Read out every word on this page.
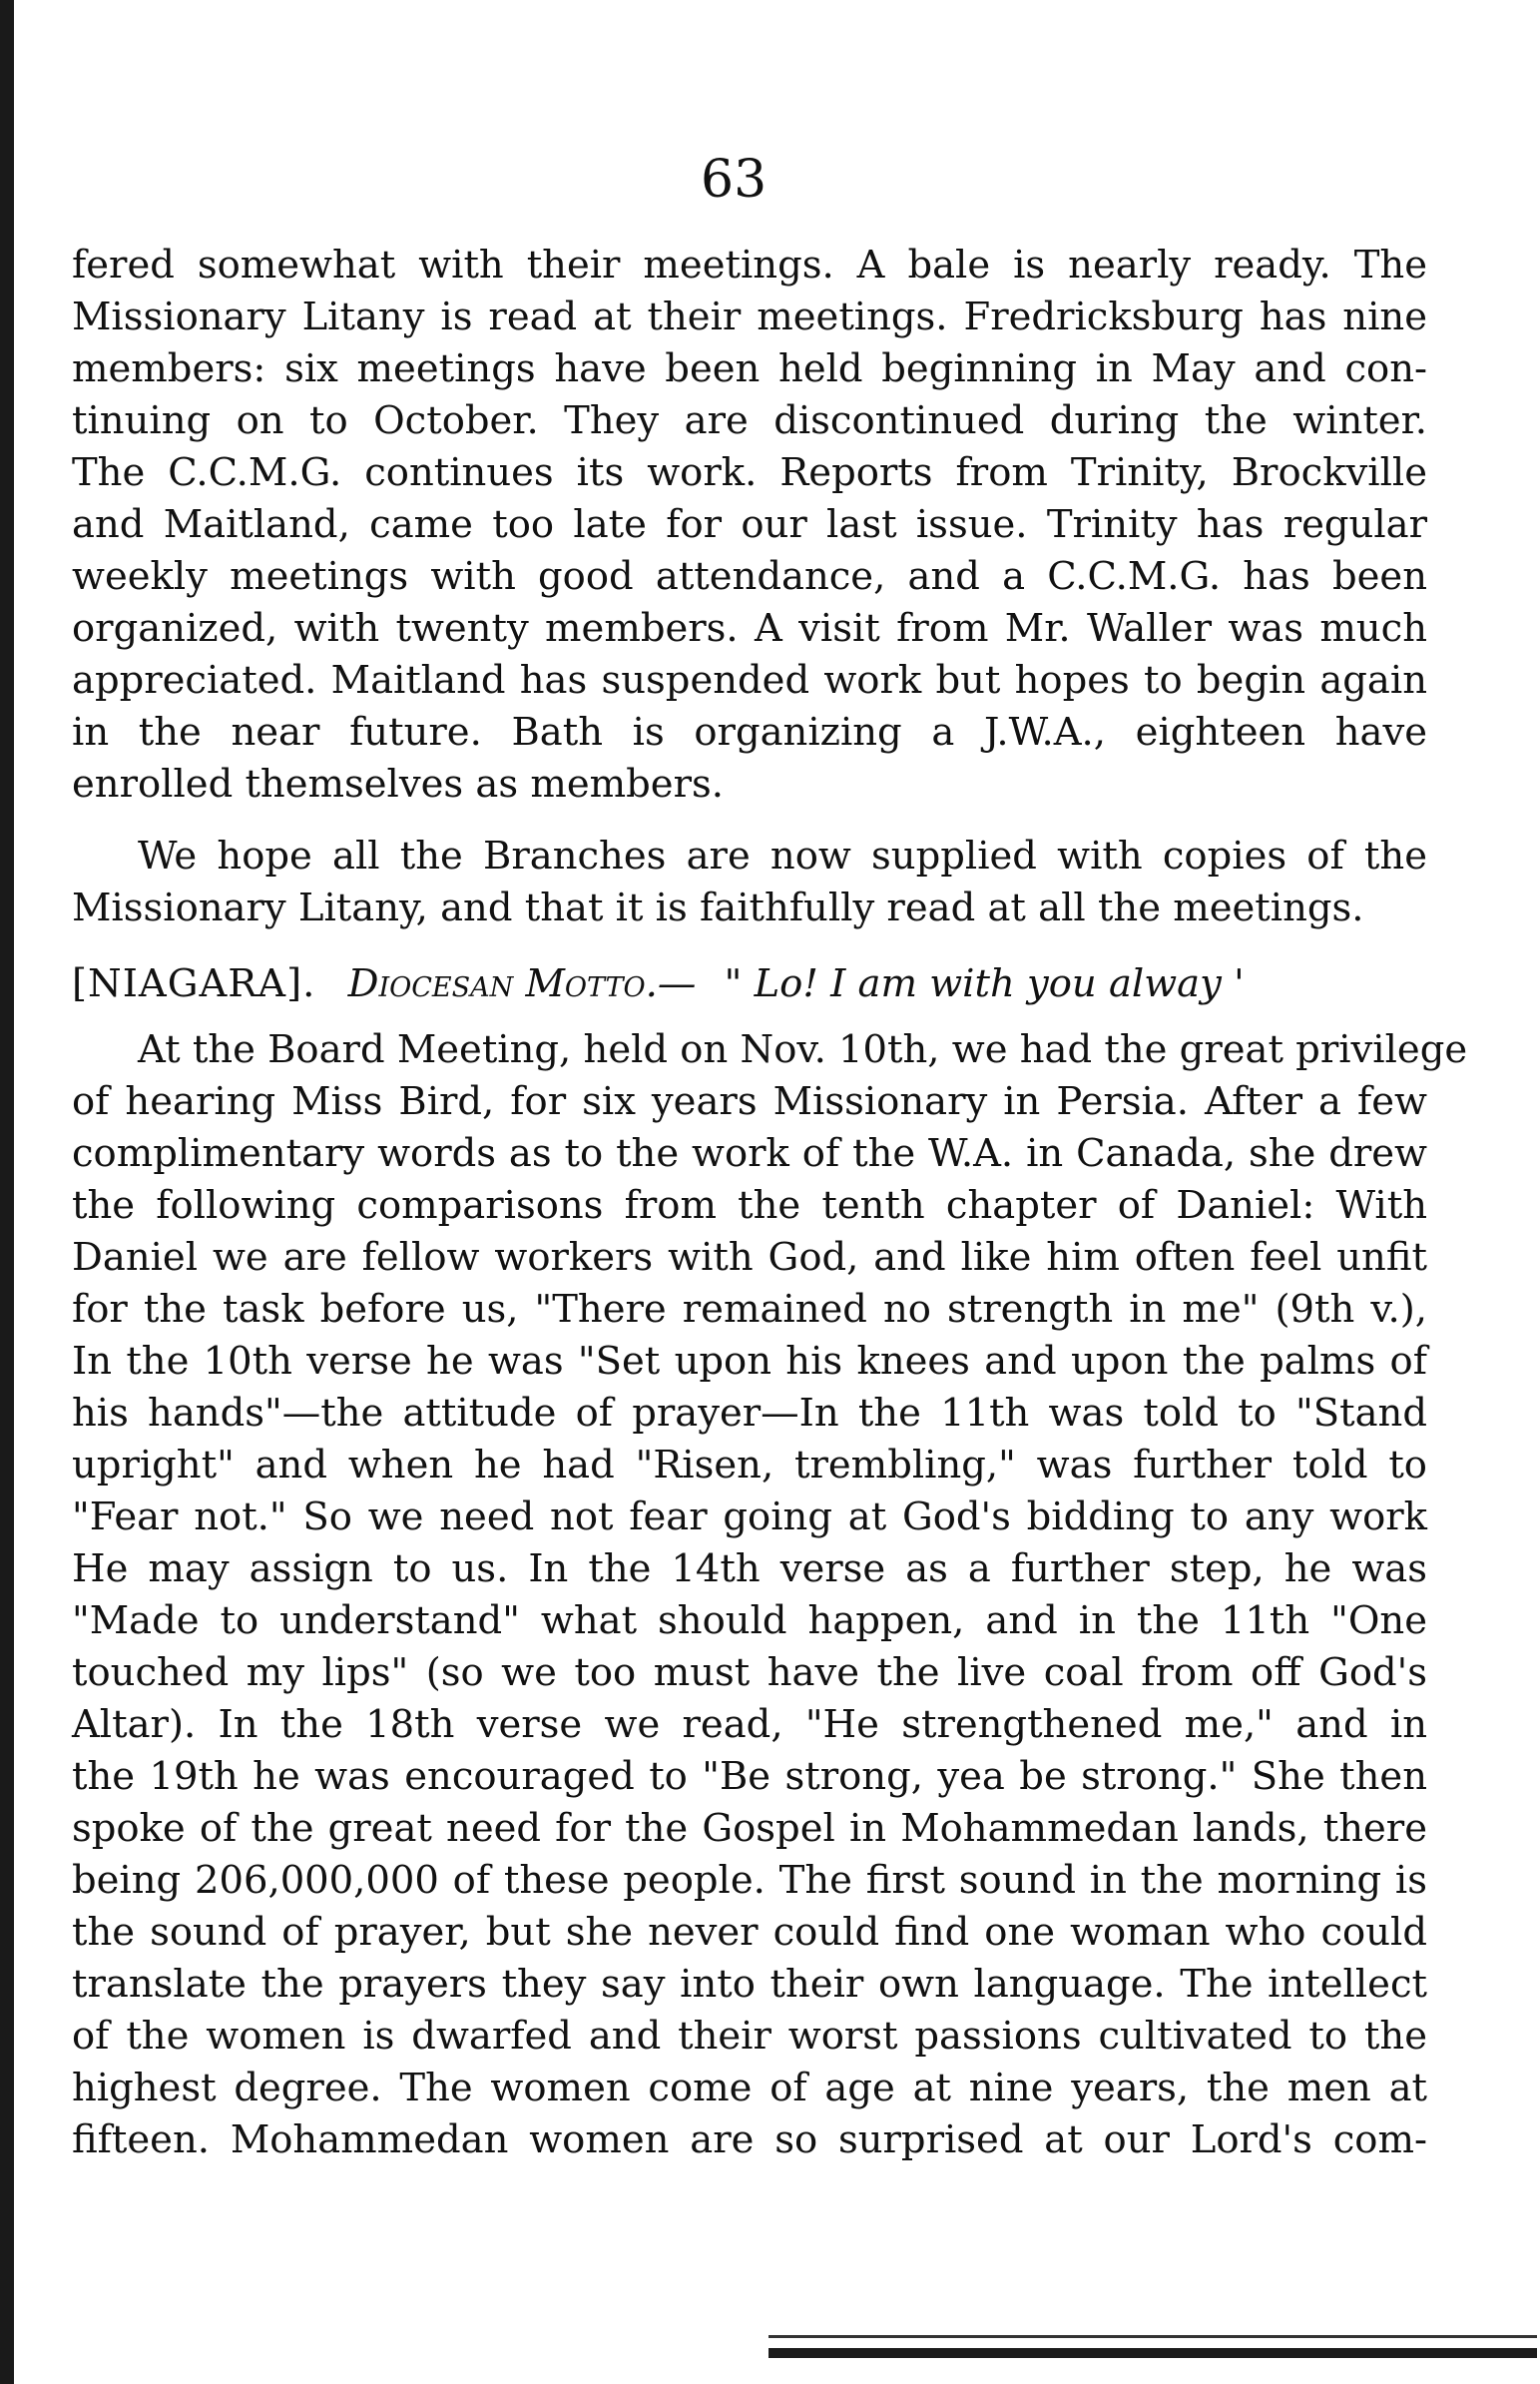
63
fered somewhat with their meetings. A bale is nearly ready. The
Missionary Litany is read at their meetings. Fredricksburg has nine
members: six meetings have been held beginning in May and con-
tinuing on to October. They are discontinued during the winter.
The C.C.M.G. continues its work. Reports from Trinity, Brockville
and Maitland, came too late for our last issue. Trinity has regular
weekly meetings with good attendance, and a C.C.M.G. has been
organized, with twenty members. A visit from Mr. Waller was much
appreciated. Maitland has suspended work but hopes to begin again
in the near future. Bath is organizing a J.W.A., eighteen have
enrolled themselves as members.
We hope all the Branches are now supplied with copies of the
Missionary Litany, and that it is faithfully read at all the meetings.
[NIAGARA]. Diocesan Motto.— " Lo! I am with you alway '
At the Board Meeting, held on Nov. 10th, we had the great privilege
of hearing Miss Bird, for six years Missionary in Persia. After a few
complimentary words as to the work of the W.A. in Canada, she drew
the following comparisons from the tenth chapter of Daniel: With
Daniel we are fellow workers with God, and like him often feel unfit
for the task before us, "There remained no strength in me" (9th v.),
In the 10th verse he was "Set upon his knees and upon the palms of
his hands"—the attitude of prayer—In the 11th was told to "Stand
upright" and when he had "Risen, trembling," was further told to
"Fear not." So we need not fear going at God's bidding to any work
He may assign to us. In the 14th verse as a further step, he was
"Made to understand" what should happen, and in the 11th "One
touched my lips" (so we too must have the live coal from off God's
Altar). In the 18th verse we read, "He strengthened me," and in
the 19th he was encouraged to "Be strong, yea be strong." She then
spoke of the great need for the Gospel in Mohammedan lands, there
being 206,000,000 of these people. The first sound in the morning is
the sound of prayer, but she never could find one woman who could
translate the prayers they say into their own language. The intellect
of the women is dwarfed and their worst passions cultivated to the
highest degree. The women come of age at nine years, the men at
fifteen. Mohammedan women are so surprised at our Lord's com-
